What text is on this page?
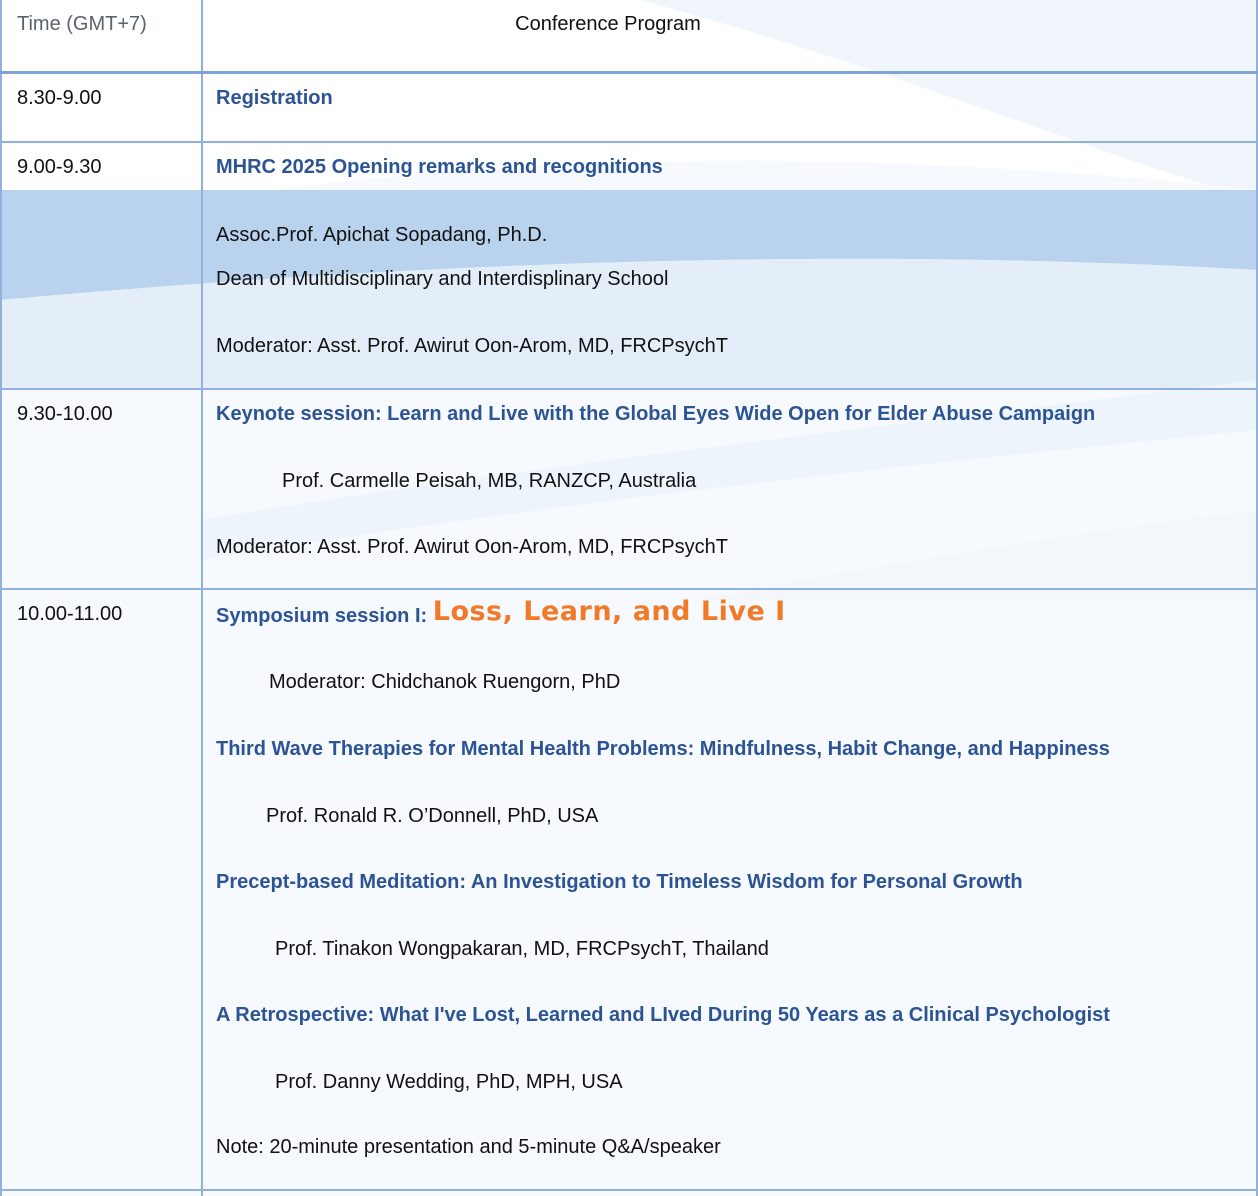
Time (GMT+7)	Conference Program

8.30-9.00	Registration

9.00-9.30	MHRC 2025 Opening remarks and recognitions

Assoc.Prof. Apichat Sopadang, Ph.D.

Dean of Multidisciplinary and Interdisplinary School

Moderator: Asst. Prof. Awirut Oon-Arom, MD, FRCPsychT

9.30-10.00	Keynote session: Learn and Live with the Global Eyes Wide Open for Elder Abuse Campaign

Prof. Carmelle Peisah, MB, RANZCP, Australia

Moderator: Asst. Prof. Awirut Oon-Arom, MD, FRCPsychT

10.00-11.00	Symposium session I: Loss, Learn, and Live I

Moderator: Chidchanok Ruengorn, PhD

Third Wave Therapies for Mental Health Problems: Mindfulness, Habit Change, and Happiness

Prof. Ronald R. O’Donnell, PhD, USA

Precept-based Meditation: An Investigation to Timeless Wisdom for Personal Growth

Prof. Tinakon Wongpakaran, MD, FRCPsychT, Thailand

A Retrospective: What I've Lost, Learned and LIved During 50 Years as a Clinical Psychologist

Prof. Danny Wedding, PhD, MPH, USA

Note: 20-minute presentation and 5-minute Q&A/speaker
